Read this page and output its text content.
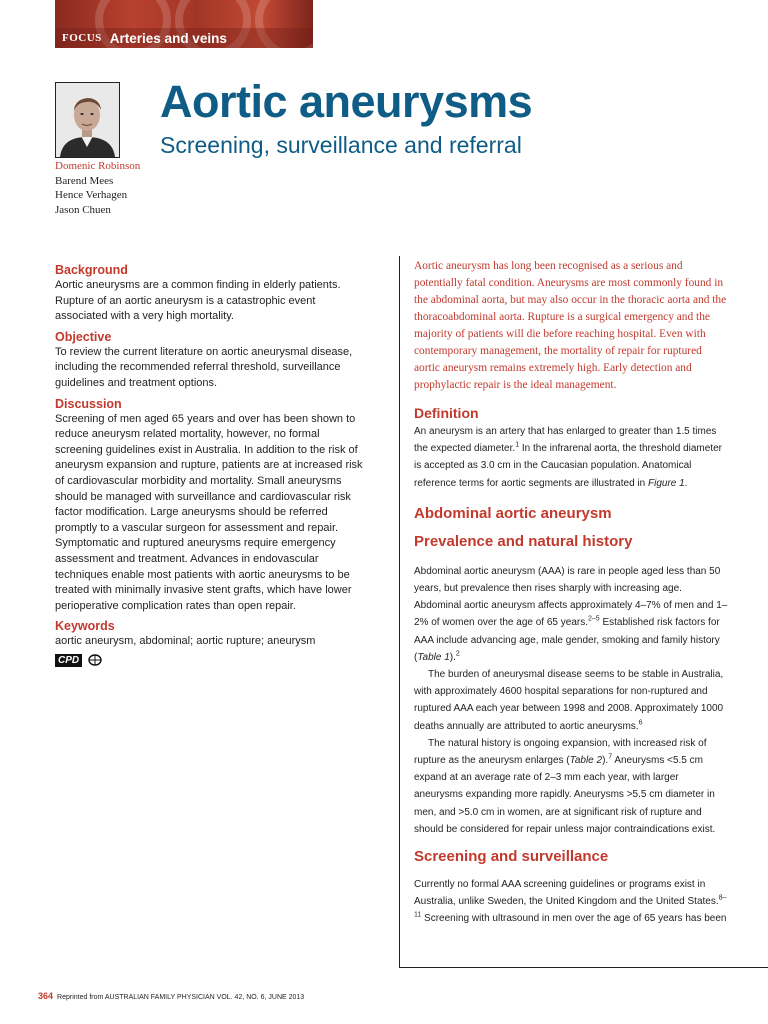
FOCUS Arteries and veins
Aortic aneurysms
Screening, surveillance and referral
Domenic Robinson
Barend Mees
Hence Verhagen
Jason Chuen
Background

Aortic aneurysms are a common finding in elderly patients. Rupture of an aortic aneurysm is a catastrophic event associated with a very high mortality.

Objective

To review the current literature on aortic aneurysmal disease, including the recommended referral threshold, surveillance guidelines and treatment options.

Discussion

Screening of men aged 65 years and over has been shown to reduce aneurysm related mortality, however, no formal screening guidelines exist in Australia. In addition to the risk of aneurysm expansion and rupture, patients are at increased risk of cardiovascular morbidity and mortality. Small aneurysms should be managed with surveillance and cardiovascular risk factor modification. Large aneurysms should be referred promptly to a vascular surgeon for assessment and repair. Symptomatic and ruptured aneurysms require emergency assessment and treatment. Advances in endovascular techniques enable most patients with aortic aneurysms to be treated with minimally invasive stent grafts, which have lower perioperative complication rates than open repair.

Keywords

aortic aneurysm, abdominal; aortic rupture; aneurysm

CPD

Aortic aneurysm has long been recognised as a serious and potentially fatal condition. Aneurysms are most commonly found in the abdominal aorta, but may also occur in the thoracic aorta and the thoracoabdominal aorta. Rupture is a surgical emergency and the majority of patients will die before reaching hospital. Even with contemporary management, the mortality of repair for ruptured aortic aneurysm remains extremely high. Early detection and prophylactic repair is the ideal management.

Definition

An aneurysm is an artery that has enlarged to greater than 1.5 times the expected diameter.$^1$ In the infrarenal aorta, the threshold diameter is accepted as 3.0 cm in the Caucasian population. Anatomical reference terms for aortic segments are illustrated in Figure 1.

Abdominal aortic aneurysm
Prevalence and natural history

Abdominal aortic aneurysm (AAA) is rare in people aged less than 50 years, but prevalence then rises sharply with increasing age. Abdominal aortic aneurysm affects approximately 4–7% of men and 1–2% of women over the age of 65 years.$^{2-5}$ Established risk factors for AAA include advancing age, male gender, smoking and family history (Table 1).$^2$

The burden of aneurysmal disease seems to be stable in Australia, with approximately 4600 hospital separations for non-ruptured and ruptured AAA each year between 1998 and 2008. Approximately 1000 deaths annually are attributed to aortic aneurysms.$^6$

The natural history is ongoing expansion, with increased risk of rupture as the aneurysm enlarges (Table 2).$^7$ Aneurysms <5.5 cm expand at an average rate of 2–3 mm each year, with larger aneurysms expanding more rapidly. Aneurysms >5.5 cm diameter in men, and >5.0 cm in women, are at significant risk of rupture and should be considered for repair unless major contraindications exist.

Screening and surveillance

Currently no formal AAA screening guidelines or programs exist in Australia, unlike Sweden, the United Kingdom and the United States.$^{8-11}$ Screening with ultrasound in men over the age of 65 years has been

364 Reprinted from AUSTRALIAN FAMILY PHYSICIAN VOL. 42, NO. 6, JUNE 2013
